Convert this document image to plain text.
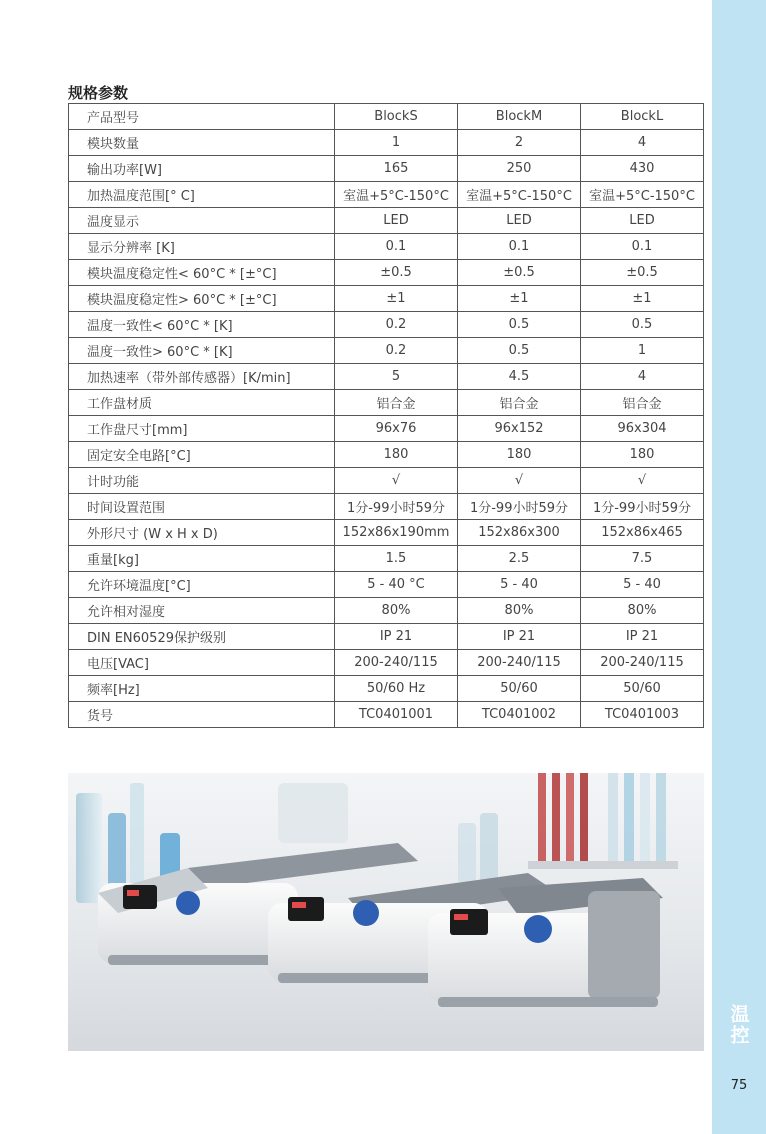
温控
75
规格参数
产品型号	BlockS	BlockM	BlockL
模块数量	1	2	4
输出功率[W]	165	250	430
加热温度范围[° C]	室温+5°C-150°C	室温+5°C-150°C	室温+5°C-150°C
温度显示	LED	LED	LED
显示分辨率 [K]	0.1	0.1	0.1
模块温度稳定性< 60°C * [±°C]	±0.5	±0.5	±0.5
模块温度稳定性> 60°C * [±°C]	±1	±1	±1
温度一致性< 60°C * [K]	0.2	0.5	0.5
温度一致性> 60°C * [K]	0.2	0.5	1
加热速率（带外部传感器）[K/min]	5	4.5	4
工作盘材质	铝合金	铝合金	铝合金
工作盘尺寸[mm]	96x76	96x152	96x304
固定安全电路[°C]	180	180	180
计时功能	√	√	√
时间设置范围	1分-99小时59分	1分-99小时59分	1分-99小时59分
外形尺寸 (W x H x D)	152x86x190mm	152x86x300	152x86x465
重量[kg]	1.5	2.5	7.5
允许环境温度[°C]	5 - 40 °C	5 - 40	5 - 40
允许相对湿度	80%	80%	80%
DIN EN60529保护级别	IP 21	IP 21	IP 21
电压[VAC]	200-240/115	200-240/115	200-240/115
频率[Hz]	50/60 Hz	50/60	50/60
货号	TC0401001	TC0401002	TC0401003
